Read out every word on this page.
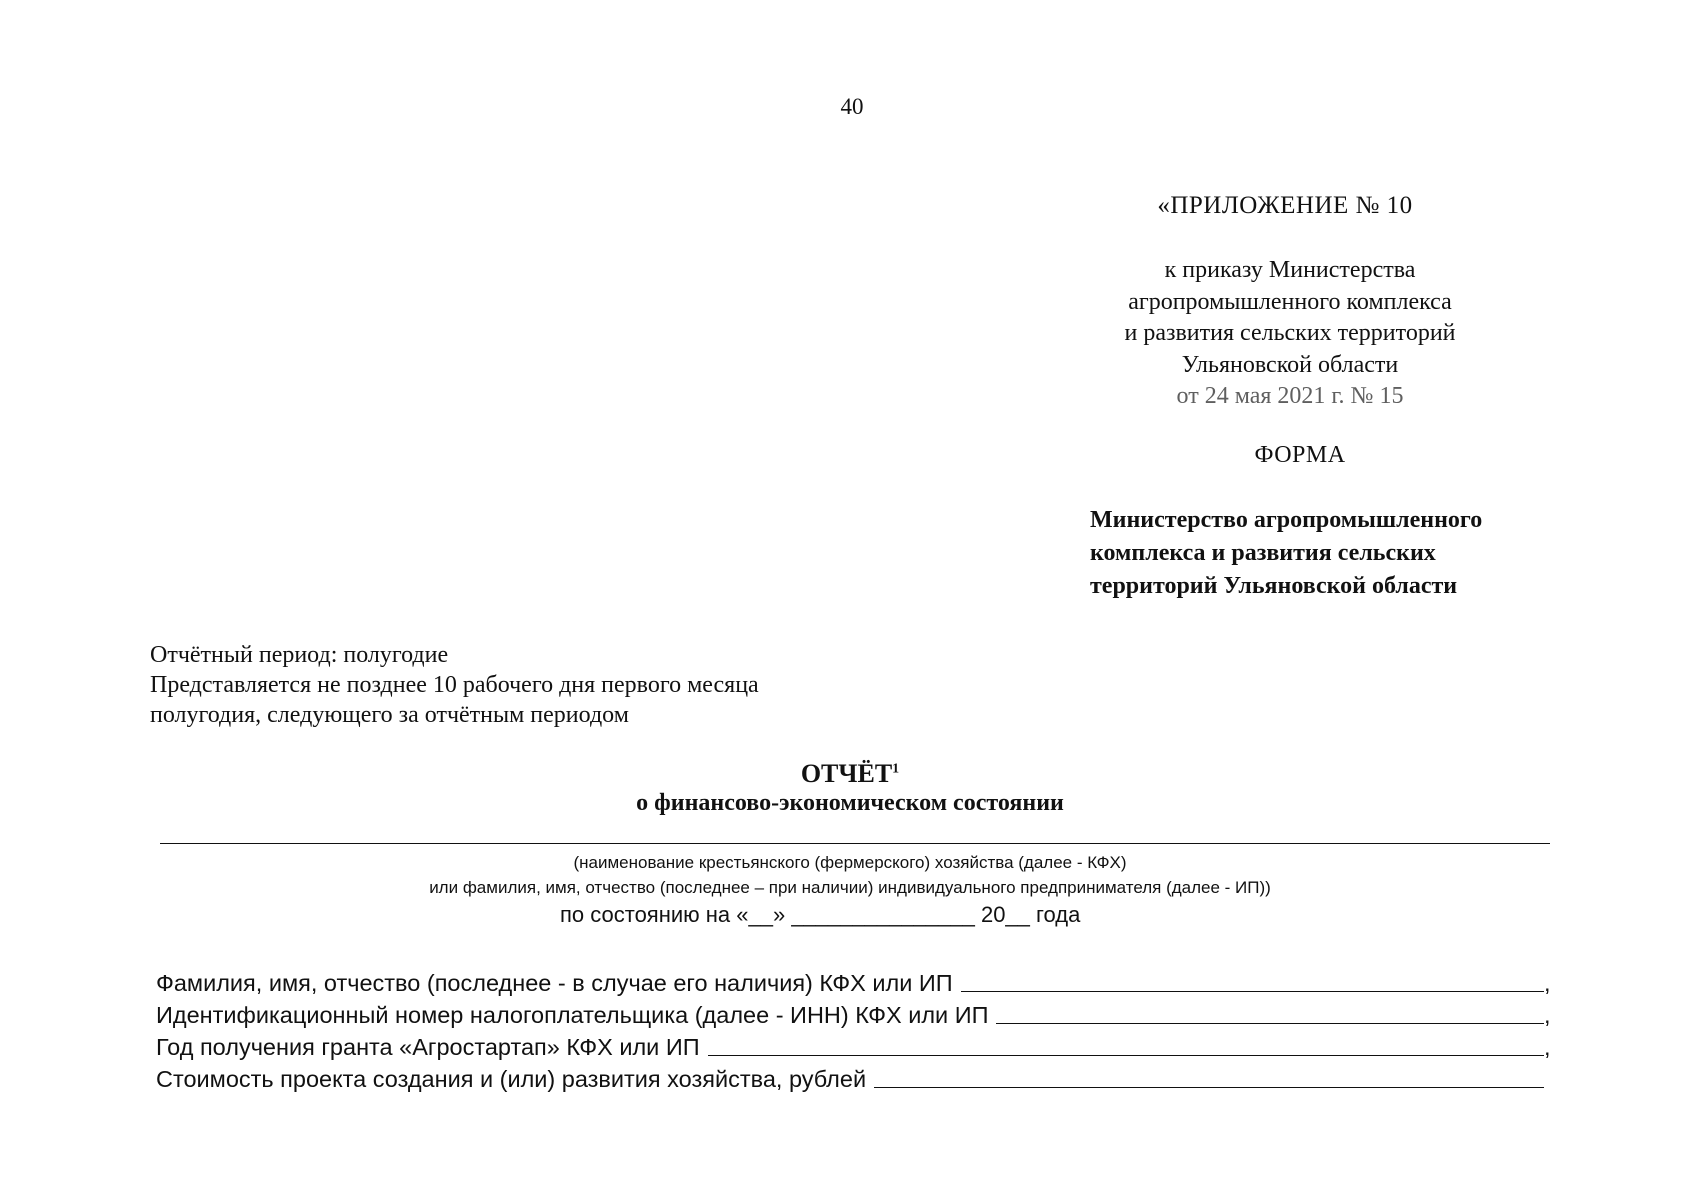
40
«ПРИЛОЖЕНИЕ № 10
к приказу Министерства
агропромышленного комплекса
и развития сельских территорий
Ульяновской области
от 24 мая 2021 г. № 15
ФОРМА
Министерство агропромышленного
комплекса и развития сельских
территорий Ульяновской области
Отчётный период: полугодие
Представляется не позднее 10 рабочего дня первого месяца
полугодия, следующего за отчётным периодом
ОТЧЁТ$^1$
о финансово-экономическом состоянии
(наименование крестьянского (фермерского) хозяйства (далее - КФХ)
или фамилия, имя, отчество (последнее – при наличии) индивидуального предпринимателя (далее - ИП))
по состоянию на «__» _______________ 20__ года
Фамилия, имя, отчество (последнее - в случае его наличия) КФХ или ИП	,
Идентификационный номер налогоплательщика (далее - ИНН) КФХ или ИП	,
Год получения гранта «Агростартап» КФХ или ИП	,
Стоимость проекта создания и (или) развития хозяйства, рублей
